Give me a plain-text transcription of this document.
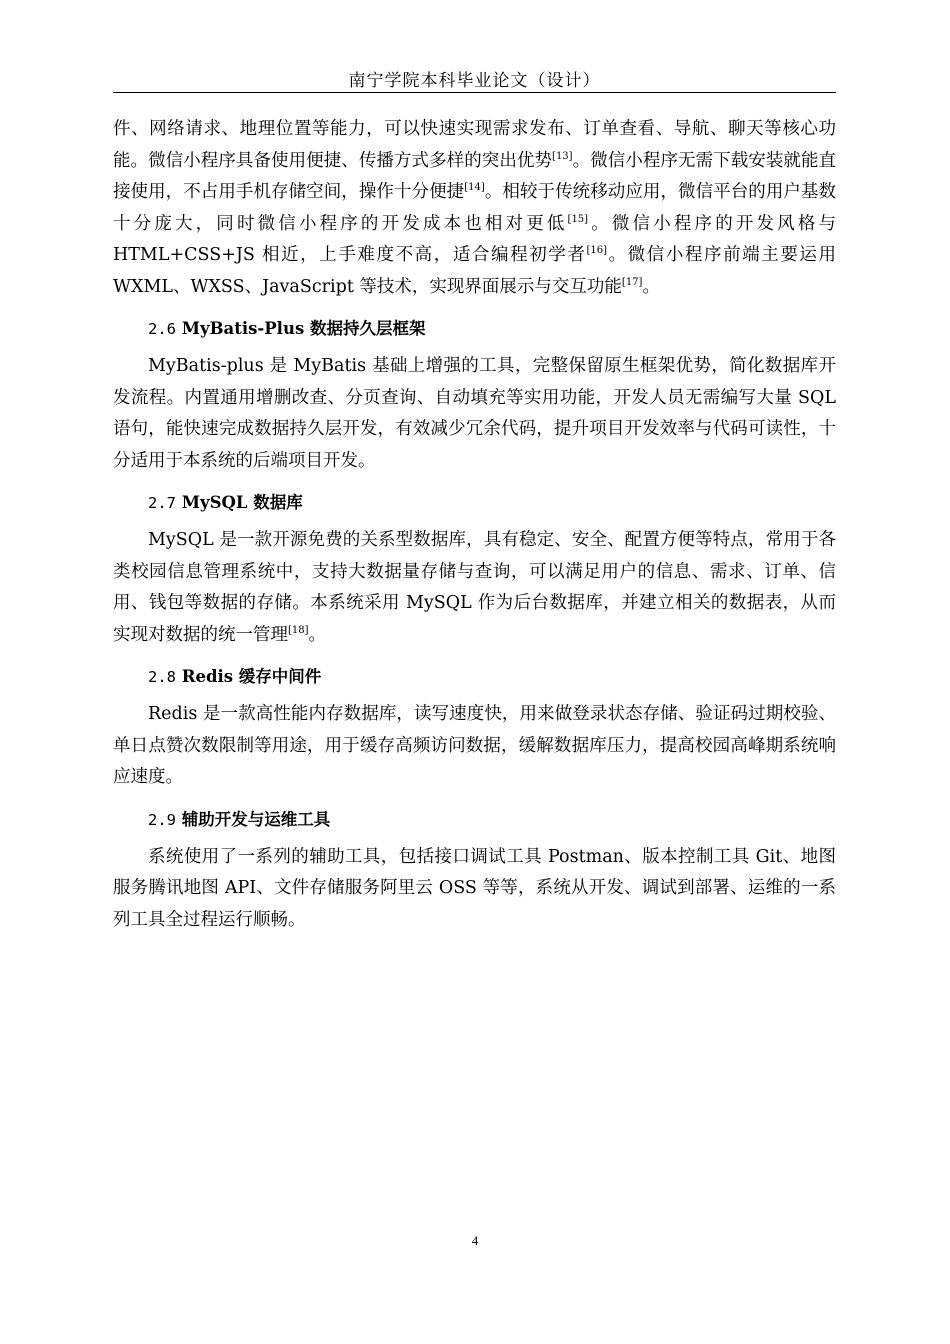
南宁学院本科毕业论文（设计）

件、网络请求、地理位置等能力，可以快速实现需求发布、订单查看、导航、聊天等核心功能。微信小程序具备使用便捷、传播方式多样的突出优势[13]。微信小程序无需下载安装就能直接使用，不占用手机存储空间，操作十分便捷[14]。相较于传统移动应用，微信平台的用户基数十分庞大，同时微信小程序的开发成本也相对更低[15]。微信小程序的开发风格与 HTML+CSS+JS 相近，上手难度不高，适合编程初学者[16]。微信小程序前端主要运用 WXML、WXSS、JavaScript 等技术，实现界面展示与交互功能[17]。

2.6 MyBatis-Plus 数据持久层框架

MyBatis-plus 是 MyBatis 基础上增强的工具，完整保留原生框架优势，简化数据库开发流程。内置通用增删改查、分页查询、自动填充等实用功能，开发人员无需编写大量 SQL 语句，能快速完成数据持久层开发，有效减少冗余代码，提升项目开发效率与代码可读性，十分适用于本系统的后端项目开发。

2.7 MySQL 数据库

MySQL 是一款开源免费的关系型数据库，具有稳定、安全、配置方便等特点，常用于各类校园信息管理系统中，支持大数据量存储与查询，可以满足用户的信息、需求、订单、信用、钱包等数据的存储。本系统采用 MySQL 作为后台数据库，并建立相关的数据表，从而实现对数据的统一管理[18]。

2.8 Redis 缓存中间件

Redis 是一款高性能内存数据库，读写速度快，用来做登录状态存储、验证码过期校验、单日点赞次数限制等用途，用于缓存高频访问数据，缓解数据库压力，提高校园高峰期系统响应速度。

2.9 辅助开发与运维工具

系统使用了一系列的辅助工具，包括接口调试工具 Postman、版本控制工具 Git、地图服务腾讯地图 API、文件存储服务阿里云 OSS 等等，系统从开发、调试到部署、运维的一系列工具全过程运行顺畅。

4
